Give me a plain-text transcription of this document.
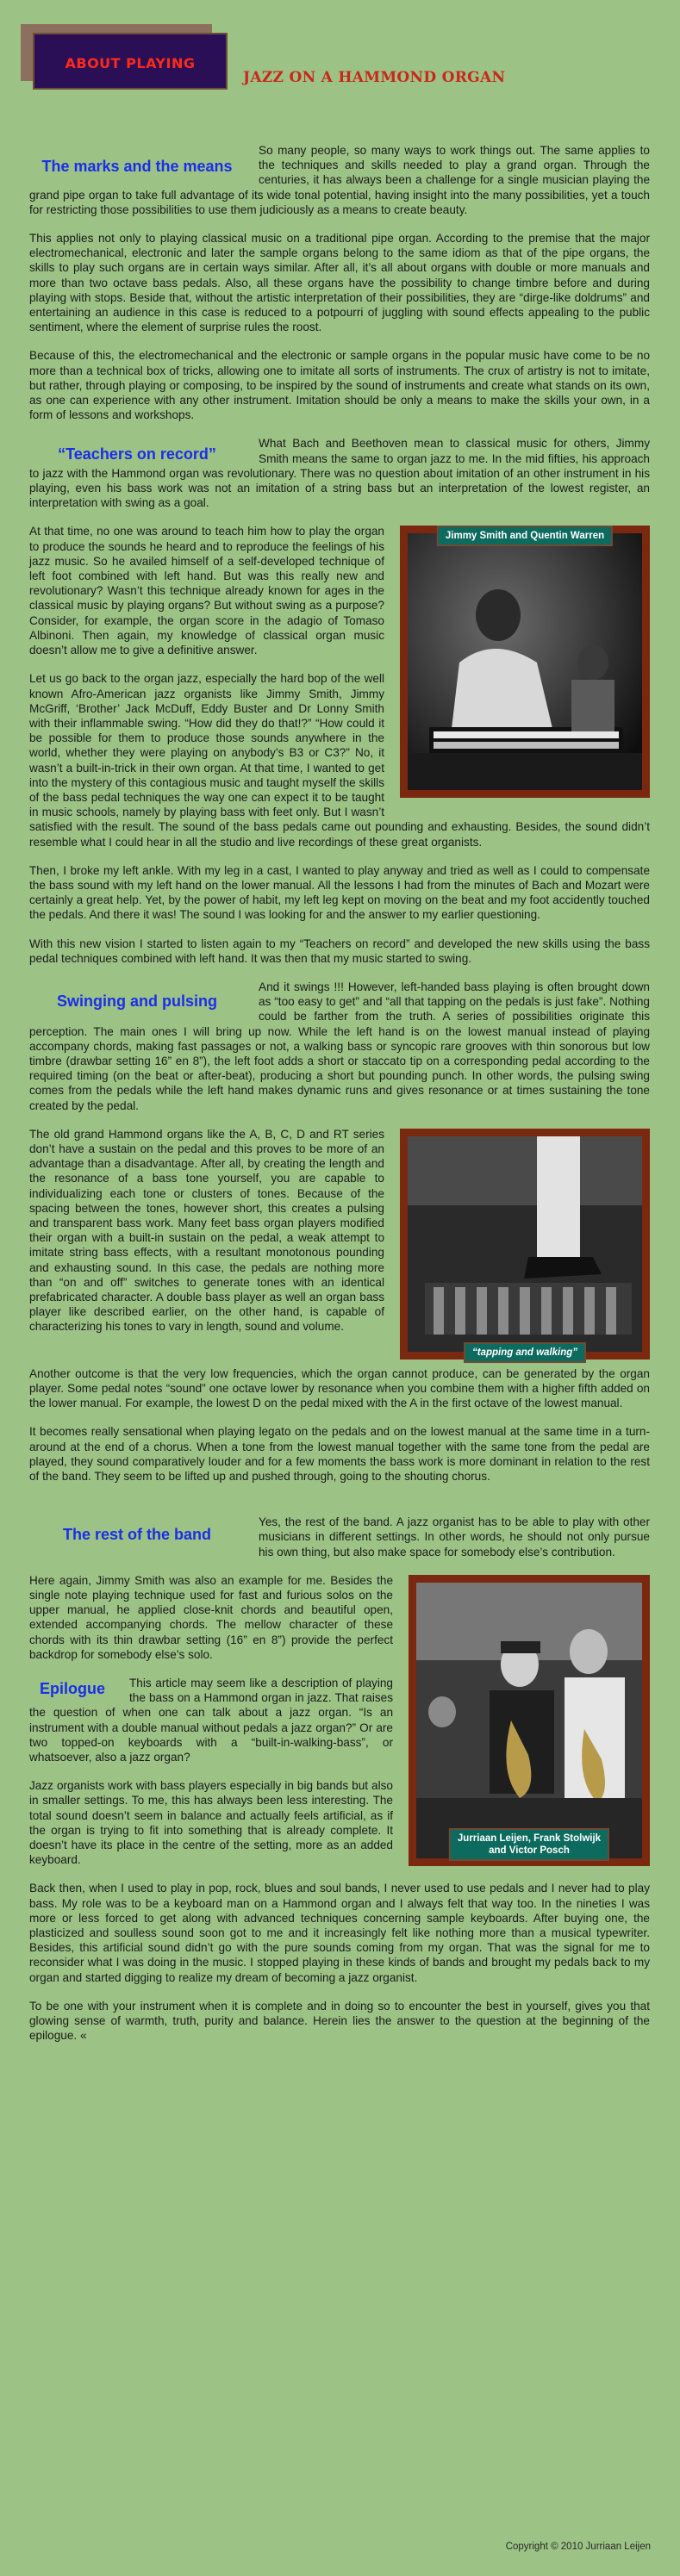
ABOUT PLAYING
JAZZ ON A HAMMOND ORGAN
The marks and the means

So many people, so many ways to work things out. The same applies to the techniques and skills needed to play a grand organ. Through the centuries, it has always been a challenge for a single musician playing the grand pipe organ to take full advantage of its wide tonal potential, having insight into the many possibilities, yet a touch for restricting those possibilities to use them judiciously as a means to create beauty.

This applies not only to playing classical music on a traditional pipe organ. According to the premise that the major electromechanical, electronic and later the sample organs belong to the same idiom as that of the pipe organs, the skills to play such organs are in certain ways similar. After all, it’s all about organs with double or more manuals and more than two octave bass pedals. Also, all these organs have the possibility to change timbre before and during playing with stops. Beside that, without the artistic interpretation of their possibilities, they are “dirge-like doldrums” and entertaining an audience in this case is reduced to a potpourri of juggling with sound effects appealing to the public sentiment, where the element of surprise rules the roost.

Because of this, the electromechanical and the electronic or sample organs in the popular music have come to be no more than a technical box of tricks, allowing one to imitate all sorts of instruments. The crux of artistry is not to imitate, but rather, through playing or composing, to be inspired by the sound of instruments and create what stands on its own, as one can experience with any other instrument. Imitation should be only a means to make the skills your own, in a form of lessons and workshops.

“Teachers on record”

What Bach and Beethoven mean to classical music for others, Jimmy Smith means the same to organ jazz to me. In the mid fifties, his approach to jazz with the Hammond organ was revolutionary. There was no question about imitation of an other instrument in his playing, even his bass work was not an imitation of a string bass but an interpretation of the lowest register, an interpretation with swing as a goal.

Jimmy Smith and Quentin Warren

At that time, no one was around to teach him how to play the organ to produce the sounds he heard and to reproduce the feelings of his jazz music. So he availed himself of a self-developed technique of left foot combined with left hand. But was this really new and revolutionary? Wasn’t this technique already known for ages in the classical music by playing organs? But without swing as a purpose? Consider, for example, the organ score in the adagio of Tomaso Albinoni. Then again, my knowledge of classical organ music doesn’t allow me to give a definitive answer.

Let us go back to the organ jazz, especially the hard bop of the well known Afro-American jazz organists like Jimmy Smith, Jimmy McGriff, ‘Brother’ Jack McDuff, Eddy Buster and Dr Lonny Smith with their inflammable swing. “How did they do that!?” “How could it be possible for them to produce those sounds anywhere in the world, whether they were playing on anybody’s B3 or C3?” No, it wasn’t a built-in-trick in their own organ. At that time, I wanted to get into the mystery of this contagious music and taught myself the skills of the bass pedal techniques the way one can expect it to be taught in music schools, namely by playing bass with feet only. But I wasn’t satisfied with the result. The sound of the bass pedals came out pounding and exhausting. Besides, the sound didn’t resemble what I could hear in all the studio and live recordings of these great organists.

Then, I broke my left ankle. With my leg in a cast, I wanted to play anyway and tried as well as I could to compensate the bass sound with my left hand on the lower manual. All the lessons I had from the minutes of Bach and Mozart were certainly a great help. Yet, by the power of habit, my left leg kept on moving on the beat and my foot accidently touched the pedals. And there it was! The sound I was looking for and the answer to my earlier questioning.

With this new vision I started to listen again to my “Teachers on record” and developed the new skills using the bass pedal techniques combined with left hand. It was then that my music started to swing.

Swinging and pulsing

And it swings !!! However, left-handed bass playing is often brought down as “too easy to get” and “all that tapping on the pedals is just fake”. Nothing could be farther from the truth. A series of possibilities originate this perception. The main ones I will bring up now. While the left hand is on the lowest manual instead of playing accompany chords, making fast passages or not, a walking bass or syncopic rare grooves with thin sonorous but low timbre (drawbar setting 16” en 8”), the left foot adds a short or staccato tip on a corresponding pedal according to the required timing (on the beat or after-beat), producing a short but pounding punch. In other words, the pulsing swing comes from the pedals while the left hand makes dynamic runs and gives resonance or at times sustaining the tone created by the pedal.

“tapping and walking”

The old grand Hammond organs like the A, B, C, D and RT series don’t have a sustain on the pedal and this proves to be more of an advantage than a disadvantage. After all, by creating the length and the resonance of a bass tone yourself, you are capable to individualizing each tone or clusters of tones. Because of the spacing between the tones, however short, this creates a pulsing and transparent bass work. Many feet bass organ players modified their organ with a built-in sustain on the pedal, a weak attempt to imitate string bass effects, with a resultant monotonous pounding and exhausting sound. In this case, the pedals are nothing more than “on and off” switches to generate tones with an identical prefabricated character. A double bass player as well an organ bass player like described earlier, on the other hand, is capable of characterizing his tones to vary in length, sound and volume.

Another outcome is that the very low frequencies, which the organ cannot produce, can be generated by the organ player. Some pedal notes “sound” one octave lower by resonance when you combine them with a higher fifth added on the lower manual. For example, the lowest D on the pedal mixed with the A in the first octave of the lowest manual.

It becomes really sensational when playing legato on the pedals and on the lowest manual at the same time in a turn-around at the end of a chorus. When a tone from the lowest manual together with the same tone from the pedal are played, they sound comparatively louder and for a few moments the bass work is more dominant in relation to the rest of the band. They seem to be lifted up and pushed through, going to the shouting chorus.

The rest of the band

Yes, the rest of the band. A jazz organist has to be able to play with other musicians in different settings. In other words, he should not only pursue his own thing, but also make space for somebody else’s contribution.

Jurriaan Leijen, Frank Stolwijk
and Victor Posch

Here again, Jimmy Smith was also an example for me. Besides the single note playing technique used for fast and furious solos on the upper manual, he applied close-knit chords and beautiful open, extended accompanying chords. The mellow character of these chords with its thin drawbar setting (16” en 8”) provide the perfect backdrop for somebody else’s solo.

Epilogue	This article may seem like a description of playing the bass on a Hammond organ in jazz. That raises the question of when one can talk about a jazz organ. “Is an instrument with a double manual without pedals a jazz organ?” Or are two topped-on keyboards with a “built-in-walking-bass”, or whatsoever, also a jazz organ?

Jazz organists work with bass players especially in big bands but also in smaller settings. To me, this has always been less interesting. The total sound doesn’t seem in balance and actually feels artificial, as if the organ is trying to fit into something that is already complete. It doesn’t have its place in the centre of the setting, more as an added keyboard.

Back then, when I used to play in pop, rock, blues and soul bands, I never used to use pedals and I never had to play bass. My role was to be a keyboard man on a Hammond organ and I always felt that way too. In the nineties I was more or less forced to get along with advanced techniques concerning sample keyboards. After buying one, the plasticized and soulless sound soon got to me and it increasingly felt like nothing more than a musical typewriter. Besides, this artificial sound didn’t go with the pure sounds coming from my organ. That was the signal for me to reconsider what I was doing in the music. I stopped playing in these kinds of bands and brought my pedals back to my organ and started digging to realize my dream of becoming a jazz organist.

To be one with your instrument when it is complete and in doing so to encounter the best in yourself, gives you that glowing sense of warmth, truth, purity and balance. Herein lies the answer to the question at the beginning of the epilogue. «

Copyright © 2010 Jurriaan Leijen
